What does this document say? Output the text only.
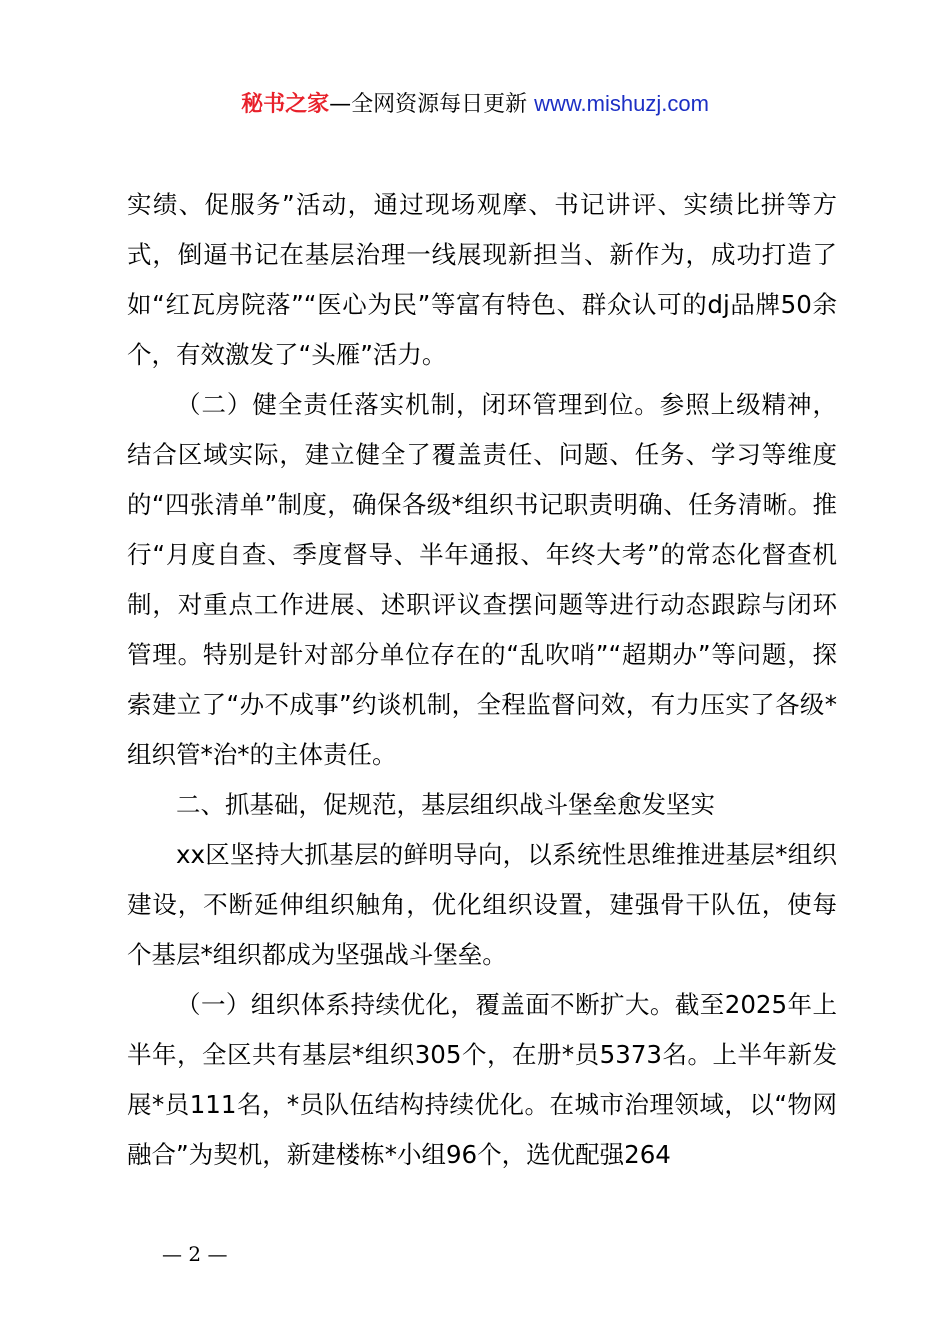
秘书之家—全网资源每日更新 www.mishuzj.com

实绩、促服务”活动，通过现场观摩、书记讲评、实绩比拼等方式，倒逼书记在基层治理一线展现新担当、新作为，成功打造了如“红瓦房院落”“医心为民”等富有特色、群众认可的dj品牌50余个，有效激发了“头雁”活力。

（二）健全责任落实机制，闭环管理到位。参照上级精神，结合区域实际，建立健全了覆盖责任、问题、任务、学习等维度的“四张清单”制度，确保各级*组织书记职责明确、任务清晰。推行“月度自查、季度督导、半年通报、年终大考”的常态化督查机制，对重点工作进展、述职评议查摆问题等进行动态跟踪与闭环管理。特别是针对部分单位存在的“乱吹哨”“超期办”等问题，探索建立了“办不成事”约谈机制，全程监督问效，有力压实了各级*组织管*治*的主体责任。

二、抓基础，促规范，基层组织战斗堡垒愈发坚实

xx区坚持大抓基层的鲜明导向，以系统性思维推进基层*组织建设，不断延伸组织触角，优化组织设置，建强骨干队伍，使每个基层*组织都成为坚强战斗堡垒。

（一）组织体系持续优化，覆盖面不断扩大。截至2025年上半年，全区共有基层*组织305个，在册*员5373名。上半年新发展*员111名，*员队伍结构持续优化。在城市治理领域，以“物网融合”为契机，新建楼栋*小组96个，选优配强264

— 2 —
